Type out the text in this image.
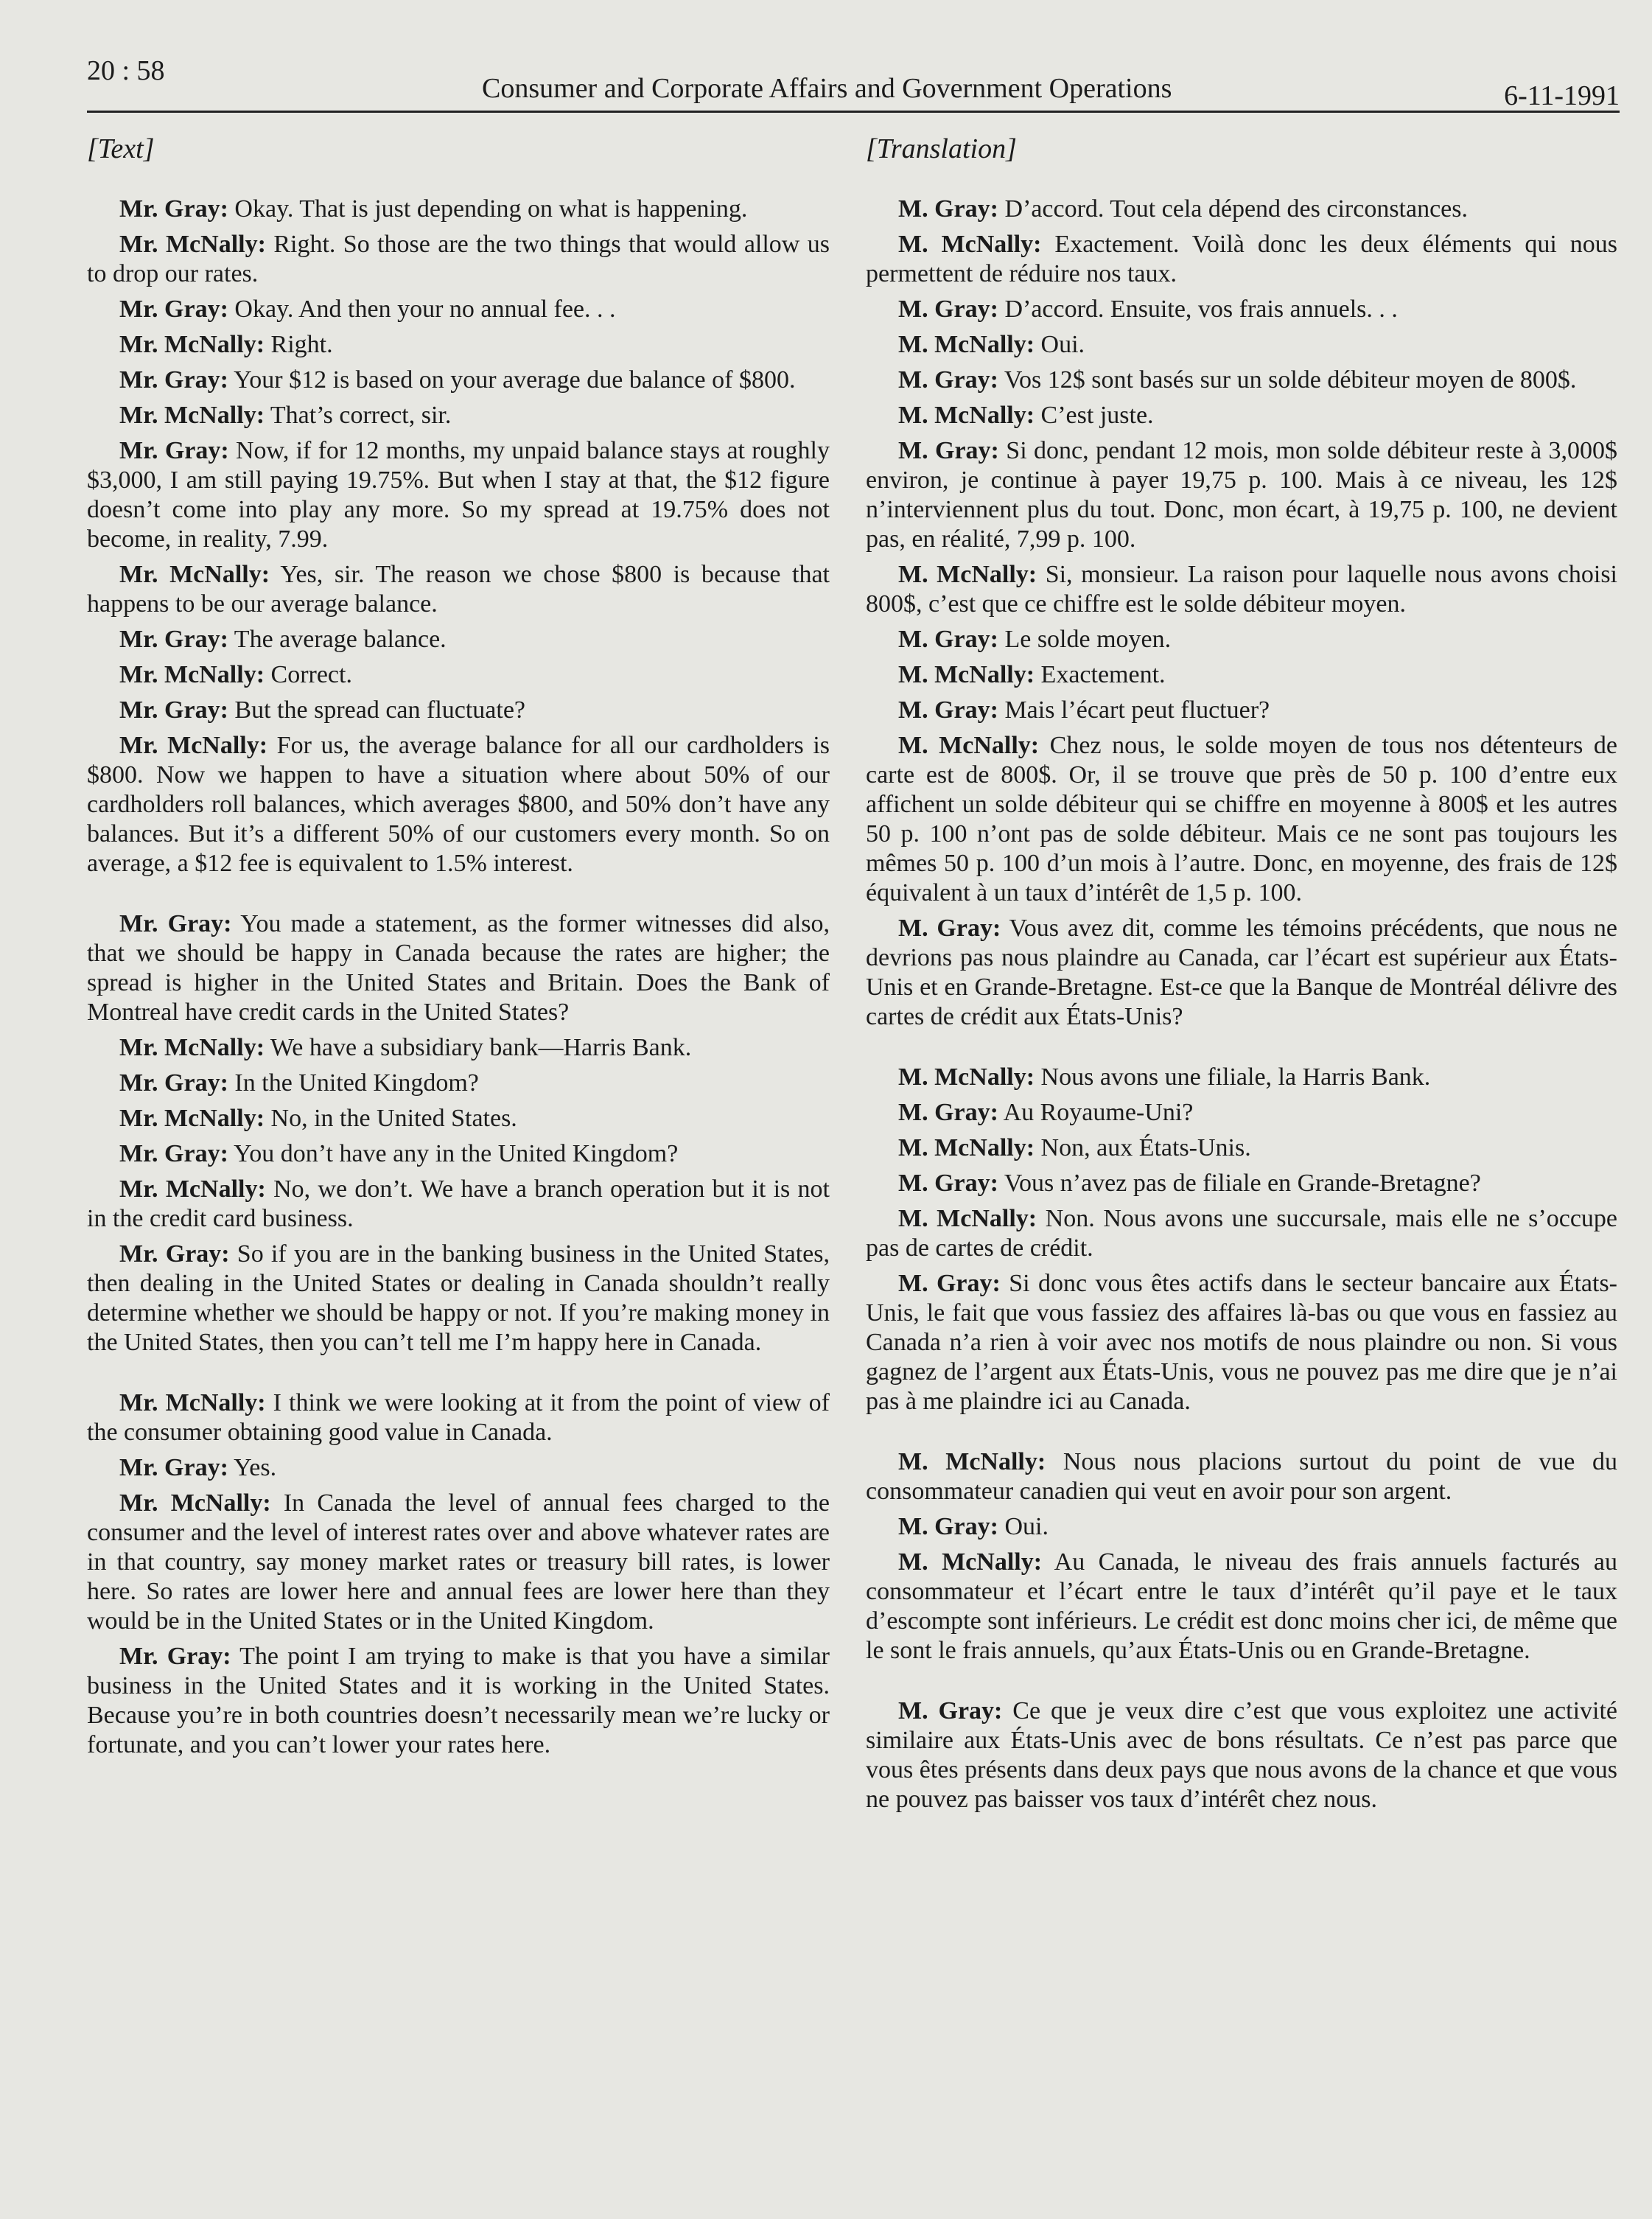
20 : 58
Consumer and Corporate Affairs and Government Operations	6-11-1991
[Text]

Mr. Gray: Okay. That is just depending on what is happening.

Mr. McNally: Right. So those are the two things that would allow us to drop our rates.

Mr. Gray: Okay. And then your no annual fee. . .

Mr. McNally: Right.

Mr. Gray: Your $12 is based on your average due balance of $800.

Mr. McNally: That’s correct, sir.

Mr. Gray: Now, if for 12 months, my unpaid balance stays at roughly $3,000, I am still paying 19.75%. But when I stay at that, the $12 figure doesn’t come into play any more. So my spread at 19.75% does not become, in reality, 7.99.

Mr. McNally: Yes, sir. The reason we chose $800 is because that happens to be our average balance.

Mr. Gray: The average balance.

Mr. McNally: Correct.

Mr. Gray: But the spread can fluctuate?

Mr. McNally: For us, the average balance for all our cardholders is $800. Now we happen to have a situation where about 50% of our cardholders roll balances, which averages $800, and 50% don’t have any balances. But it’s a different 50% of our customers every month. So on average, a $12 fee is equivalent to 1.5% interest.

Mr. Gray: You made a statement, as the former witnesses did also, that we should be happy in Canada because the rates are higher; the spread is higher in the United States and Britain. Does the Bank of Montreal have credit cards in the United States?

Mr. McNally: We have a subsidiary bank—Harris Bank.

Mr. Gray: In the United Kingdom?

Mr. McNally: No, in the United States.

Mr. Gray: You don’t have any in the United Kingdom?

Mr. McNally: No, we don’t. We have a branch operation but it is not in the credit card business.

Mr. Gray: So if you are in the banking business in the United States, then dealing in the United States or dealing in Canada shouldn’t really determine whether we should be happy or not. If you’re making money in the United States, then you can’t tell me I’m happy here in Canada.

Mr. McNally: I think we were looking at it from the point of view of the consumer obtaining good value in Canada.

Mr. Gray: Yes.

Mr. McNally: In Canada the level of annual fees charged to the consumer and the level of interest rates over and above whatever rates are in that country, say money market rates or treasury bill rates, is lower here. So rates are lower here and annual fees are lower here than they would be in the United States or in the United Kingdom.

Mr. Gray: The point I am trying to make is that you have a similar business in the United States and it is working in the United States. Because you’re in both countries doesn’t necessarily mean we’re lucky or fortunate, and you can’t lower your rates here.

[Translation]

M. Gray: D’accord. Tout cela dépend des circonstances.

M. McNally: Exactement. Voilà donc les deux éléments qui nous permettent de réduire nos taux.

M. Gray: D’accord. Ensuite, vos frais annuels. . .

M. McNally: Oui.

M. Gray: Vos 12$ sont basés sur un solde débiteur moyen de 800$.

M. McNally: C’est juste.

M. Gray: Si donc, pendant 12 mois, mon solde débiteur reste à 3,000$ environ, je continue à payer 19,75 p. 100. Mais à ce niveau, les 12$ n’interviennent plus du tout. Donc, mon écart, à 19,75 p. 100, ne devient pas, en réalité, 7,99 p. 100.

M. McNally: Si, monsieur. La raison pour laquelle nous avons choisi 800$, c’est que ce chiffre est le solde débiteur moyen.

M. Gray: Le solde moyen.

M. McNally: Exactement.

M. Gray: Mais l’écart peut fluctuer?

M. McNally: Chez nous, le solde moyen de tous nos détenteurs de carte est de 800$. Or, il se trouve que près de 50 p. 100 d’entre eux affichent un solde débiteur qui se chiffre en moyenne à 800$ et les autres 50 p. 100 n’ont pas de solde débiteur. Mais ce ne sont pas toujours les mêmes 50 p. 100 d’un mois à l’autre. Donc, en moyenne, des frais de 12$ équivalent à un taux d’intérêt de 1,5 p. 100.

M. Gray: Vous avez dit, comme les témoins précédents, que nous ne devrions pas nous plaindre au Canada, car l’écart est supérieur aux États-Unis et en Grande-Bretagne. Est-ce que la Banque de Montréal délivre des cartes de crédit aux États-Unis?

M. McNally: Nous avons une filiale, la Harris Bank.

M. Gray: Au Royaume-Uni?

M. McNally: Non, aux États-Unis.

M. Gray: Vous n’avez pas de filiale en Grande-Bretagne?

M. McNally: Non. Nous avons une succursale, mais elle ne s’occupe pas de cartes de crédit.

M. Gray: Si donc vous êtes actifs dans le secteur bancaire aux États-Unis, le fait que vous fassiez des affaires là-bas ou que vous en fassiez au Canada n’a rien à voir avec nos motifs de nous plaindre ou non. Si vous gagnez de l’argent aux États-Unis, vous ne pouvez pas me dire que je n’ai pas à me plaindre ici au Canada.

M. McNally: Nous nous placions surtout du point de vue du consommateur canadien qui veut en avoir pour son argent.

M. Gray: Oui.

M. McNally: Au Canada, le niveau des frais annuels facturés au consommateur et l’écart entre le taux d’intérêt qu’il paye et le taux d’escompte sont inférieurs. Le crédit est donc moins cher ici, de même que le sont le frais annuels, qu’aux États-Unis ou en Grande-Bretagne.

M. Gray: Ce que je veux dire c’est que vous exploitez une activité similaire aux États-Unis avec de bons résultats. Ce n’est pas parce que vous êtes présents dans deux pays que nous avons de la chance et que vous ne pouvez pas baisser vos taux d’intérêt chez nous.
